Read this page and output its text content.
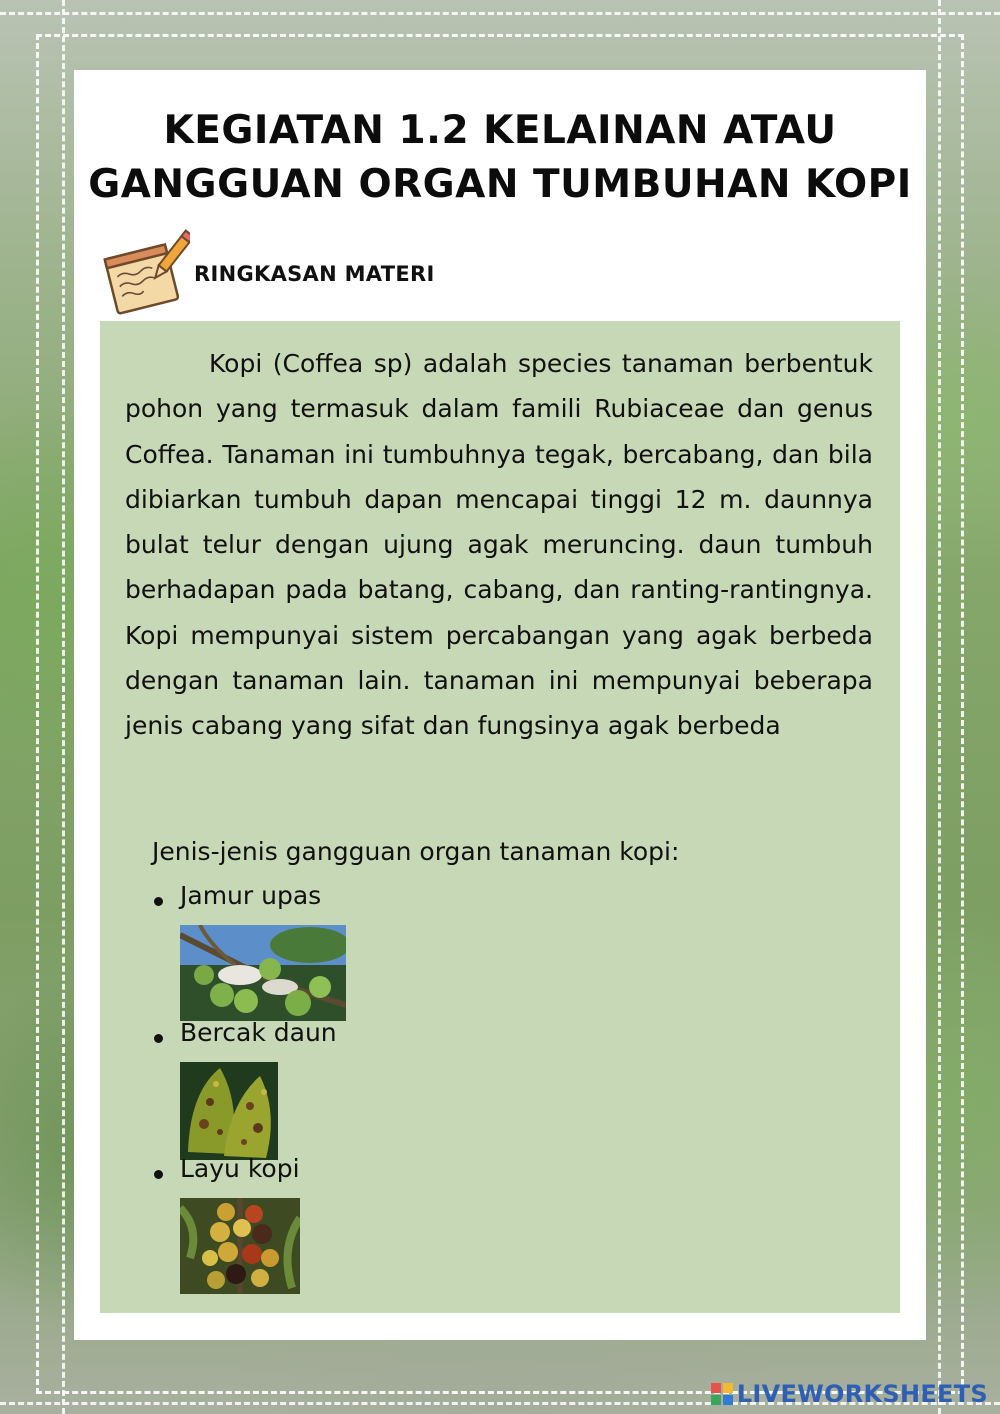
KEGIATAN 1.2 KELAINAN ATAU
GANGGUAN ORGAN TUMBUHAN KOPI
RINGKASAN MATERI

Kopi (Coffea sp) adalah species tanaman berbentuk pohon yang termasuk dalam famili Rubiaceae dan genus Coffea. Tanaman ini tumbuhnya tegak, bercabang, dan bila dibiarkan tumbuh dapan mencapai tinggi 12 m. daunnya bulat telur dengan ujung agak meruncing. daun tumbuh berhadapan pada batang, cabang, dan ranting-rantingnya. Kopi mempunyai sistem percabangan yang agak berbeda dengan tanaman lain. tanaman ini mempunyai beberapa jenis cabang yang sifat dan fungsinya agak berbeda

Jenis-jenis gangguan organ tanaman kopi:
Jamur upas
Bercak daun
Layu kopi
LIVEWORKSHEETS
